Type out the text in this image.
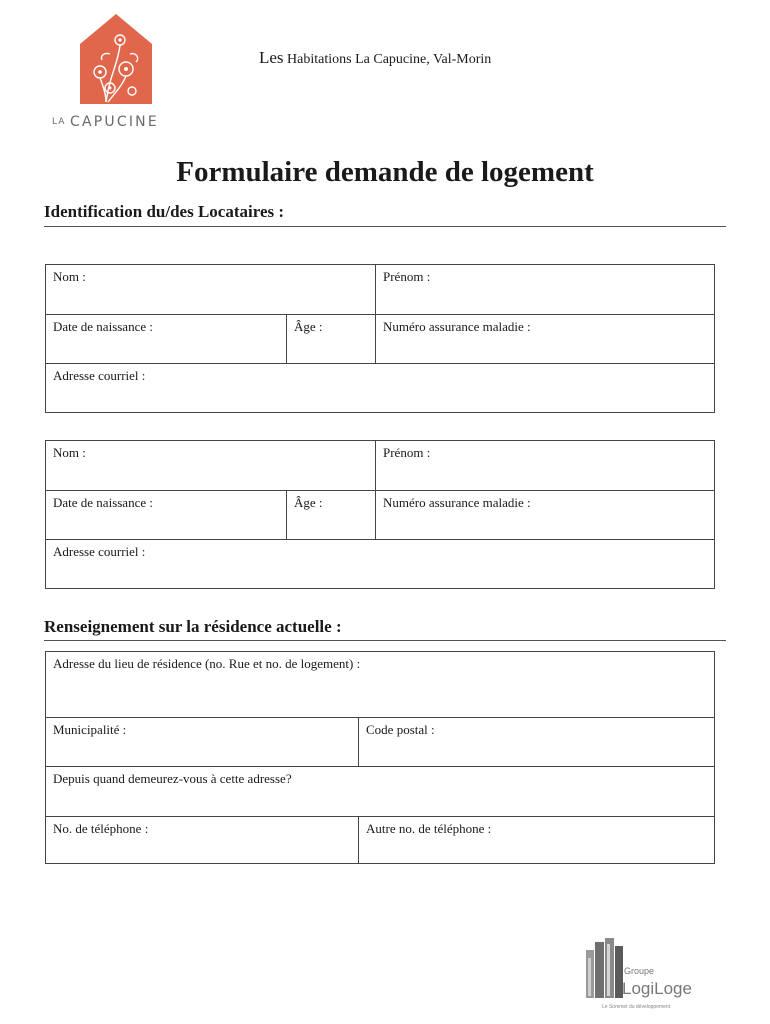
LA CAPUCINE
Les Habitations La Capucine, Val-Morin
Formulaire demande de logement
Identification du/des Locataires :
Nom :	Prénom :
Date de naissance :	Âge :	Numéro assurance maladie :
Adresse courriel :
Nom :	Prénom :
Date de naissance :	Âge :	Numéro assurance maladie :
Adresse courriel :
Renseignement sur la résidence actuelle :
Adresse du lieu de résidence (no. Rue et no. de logement) :
Municipalité :	Code postal :
Depuis quand demeurez-vous à cette adresse?
No. de téléphone :	Autre no. de téléphone :
Groupe
LogiLoge
Le Sommet du développement
